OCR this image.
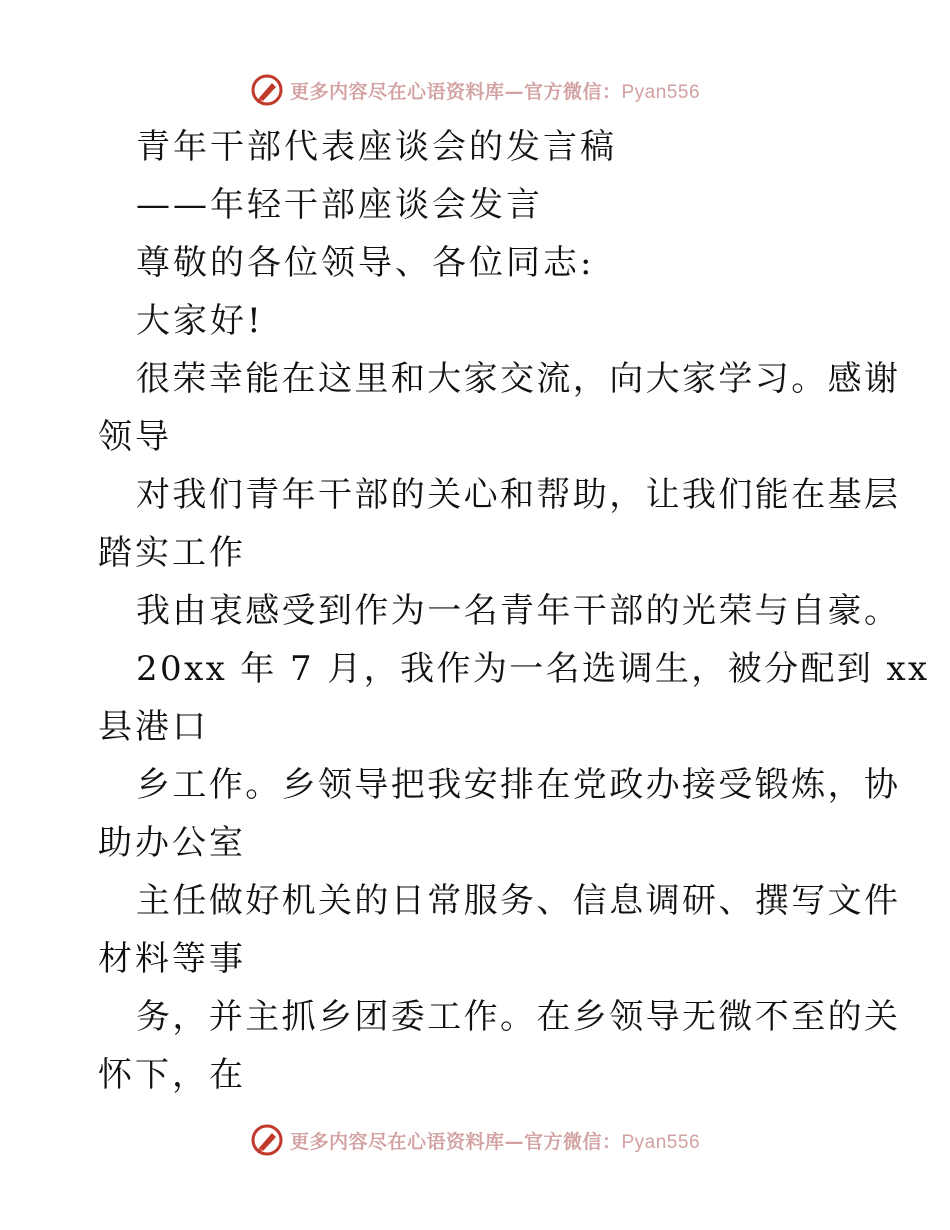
更多内容尽在心语资料库—官方微信：Pyan556
青年干部代表座谈会的发言稿
——年轻干部座谈会发言
尊敬的各位领导、各位同志:
大家好!
很荣幸能在这里和大家交流，向大家学习。感谢
领导
对我们青年干部的关心和帮助，让我们能在基层
踏实工作
我由衷感受到作为一名青年干部的光荣与自豪。
20xx 年 7 月，我作为一名选调生，被分配到 xx
县港口
乡工作。乡领导把我安排在党政办接受锻炼，协
助办公室
主任做好机关的日常服务、信息调研、撰写文件
材料等事
务，并主抓乡团委工作。在乡领导无微不至的关
怀下，在
更多内容尽在心语资料库—官方微信：Pyan556
